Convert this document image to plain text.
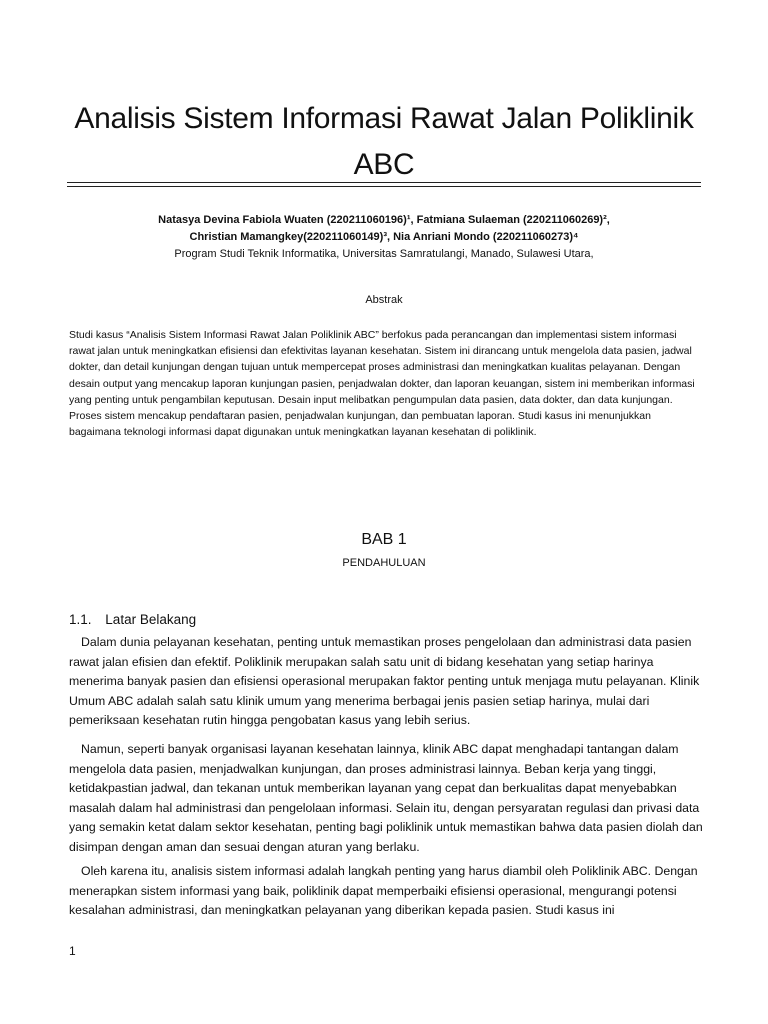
Analisis Sistem Informasi Rawat Jalan Poliklinik ABC
Natasya Devina Fabiola Wuaten (220211060196)¹, Fatmiana Sulaeman (220211060269)²,
Christian Mamangkey(220211060149)³, Nia Anriani Mondo (220211060273)⁴
Program Studi Teknik Informatika, Universitas Samratulangi, Manado, Sulawesi Utara,
Abstrak
Studi kasus “Analisis Sistem Informasi Rawat Jalan Poliklinik ABC” berfokus pada perancangan dan implementasi sistem informasi rawat jalan untuk meningkatkan efisiensi dan efektivitas layanan kesehatan. Sistem ini dirancang untuk mengelola data pasien, jadwal dokter, dan detail kunjungan dengan tujuan untuk mempercepat proses administrasi dan meningkatkan kualitas pelayanan. Dengan desain output yang mencakup laporan kunjungan pasien, penjadwalan dokter, dan laporan keuangan, sistem ini memberikan informasi yang penting untuk pengambilan keputusan. Desain input melibatkan pengumpulan data pasien, data dokter, dan data kunjungan. Proses sistem mencakup pendaftaran pasien, penjadwalan kunjungan, dan pembuatan laporan. Studi kasus ini menunjukkan bagaimana teknologi informasi dapat digunakan untuk meningkatkan layanan kesehatan di poliklinik.
BAB 1
PENDAHULUAN
1.1. Latar Belakang

Dalam dunia pelayanan kesehatan, penting untuk memastikan proses pengelolaan dan administrasi data pasien rawat jalan efisien dan efektif. Poliklinik merupakan salah satu unit di bidang kesehatan yang setiap harinya menerima banyak pasien dan efisiensi operasional merupakan faktor penting untuk menjaga mutu pelayanan. Klinik Umum ABC adalah salah satu klinik umum yang menerima berbagai jenis pasien setiap harinya, mulai dari pemeriksaan kesehatan rutin hingga pengobatan kasus yang lebih serius.

Namun, seperti banyak organisasi layanan kesehatan lainnya, klinik ABC dapat menghadapi tantangan dalam mengelola data pasien, menjadwalkan kunjungan, dan proses administrasi lainnya. Beban kerja yang tinggi, ketidakpastian jadwal, dan tekanan untuk memberikan layanan yang cepat dan berkualitas dapat menyebabkan masalah dalam hal administrasi dan pengelolaan informasi. Selain itu, dengan persyaratan regulasi dan privasi data yang semakin ketat dalam sektor kesehatan, penting bagi poliklinik untuk memastikan bahwa data pasien diolah dan disimpan dengan aman dan sesuai dengan aturan yang berlaku.

Oleh karena itu, analisis sistem informasi adalah langkah penting yang harus diambil oleh Poliklinik ABC. Dengan menerapkan sistem informasi yang baik, poliklinik dapat memperbaiki efisiensi operasional, mengurangi potensi kesalahan administrasi, dan meningkatkan pelayanan yang diberikan kepada pasien. Studi kasus ini

1
